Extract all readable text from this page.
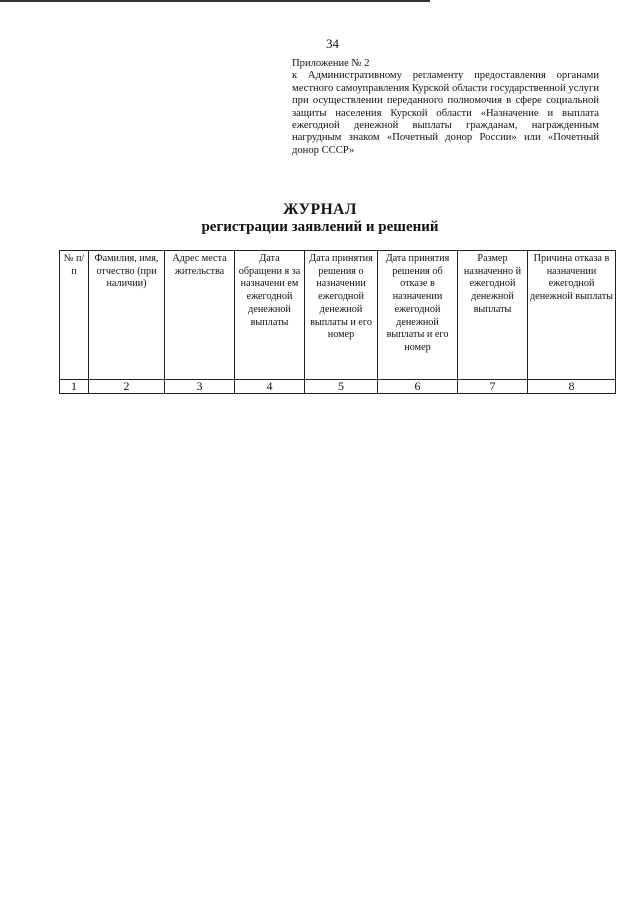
34
Приложение № 2
к Административному регламенту предоставления органами местного самоуправления Курской области государственной услуги при осуществлении переданного полномочия в сфере социальной защиты населения Курской области «Назначение и выплата ежегодной денежной выплаты гражданам, награжденным нагрудным знаком «Почетный донор России» или «Почетный донор СССР»
ЖУРНАЛ
регистрации заявлений и решений
№ п/п	Фамилия, имя, отчество (при наличии)	Адрес места жительства	Дата обращени я за назначени ем ежегодной денежной выплаты	Дата принятия решения о назначении ежегодной денежной выплаты и его номер	Дата принятия решения об отказе в назначении ежегодной денежной выплаты и его номер	Размер назначенно й ежегодной денежной выплаты	Причина отказа в назначении ежегодной денежной выплаты
1	2	3	4	5	6	7	8
